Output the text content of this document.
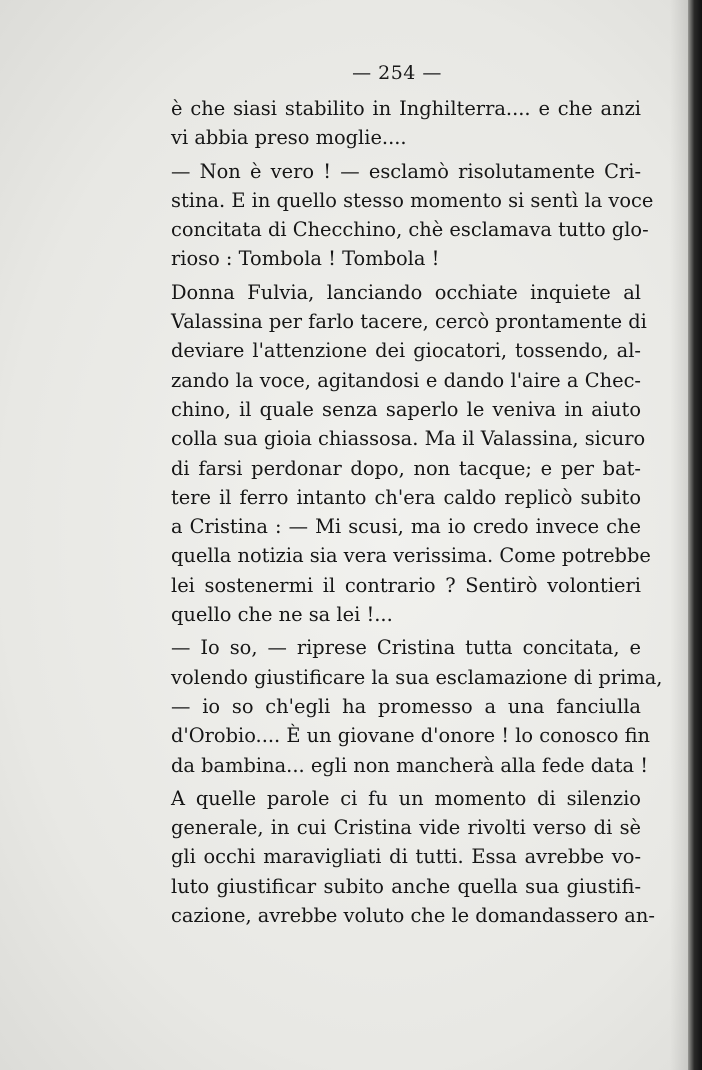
— 254 —
è che siasi stabilito in Inghilterra.... e che anzi
vi abbia preso moglie....
— Non è vero ! — esclamò risolutamente Cri-
stina. E in quello stesso momento si sentì la voce
concitata di Checchino, chè esclamava tutto glo-
rioso : Tombola ! Tombola !
Donna Fulvia, lanciando occhiate inquiete al
Valassina per farlo tacere, cercò prontamente di
deviare l'attenzione dei giocatori, tossendo, al-
zando la voce, agitandosi e dando l'aire a Chec-
chino, il quale senza saperlo le veniva in aiuto
colla sua gioia chiassosa. Ma il Valassina, sicuro
di farsi perdonar dopo, non tacque; e per bat-
tere il ferro intanto ch'era caldo replicò subito
a Cristina : — Mi scusi, ma io credo invece che
quella notizia sia vera verissima. Come potrebbe
lei sostenermi il contrario ? Sentirò volontieri
quello che ne sa lei !...
— Io so, — riprese Cristina tutta concitata, e
volendo giustificare la sua esclamazione di prima,
— io so ch'egli ha promesso a una fanciulla
d'Orobio.... È un giovane d'onore ! lo conosco fin
da bambina... egli non mancherà alla fede data !
A quelle parole ci fu un momento di silenzio
generale, in cui Cristina vide rivolti verso di sè
gli occhi maravigliati di tutti. Essa avrebbe vo-
luto giustificar subito anche quella sua giustifi-
cazione, avrebbe voluto che le domandassero an-
